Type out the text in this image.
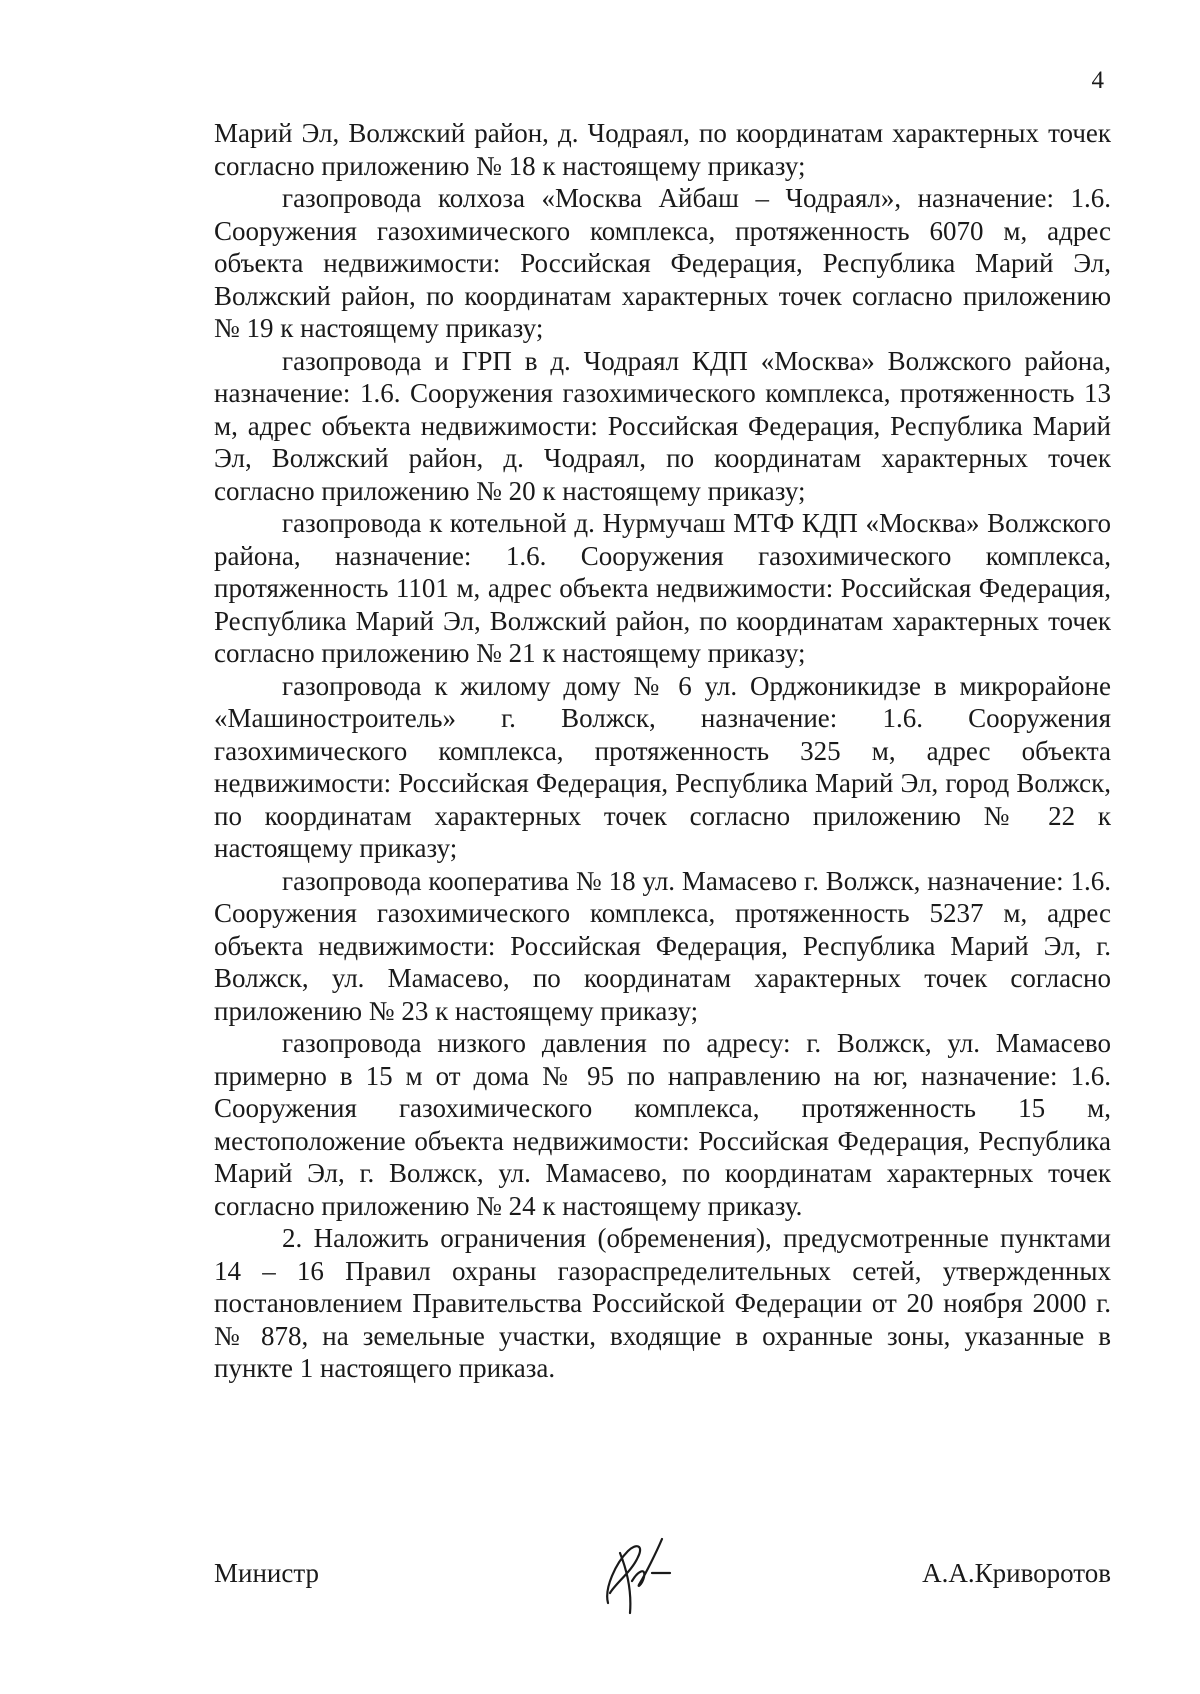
4

Марий Эл, Волжский район, д. Чодраял, по координатам характерных точек согласно приложению № 18 к настоящему приказу;

газопровода колхоза «Москва Айбаш – Чодраял», назначение: 1.6. Сооружения газохимического комплекса, протяженность 6070 м, адрес объекта недвижимости: Российская Федерация, Республика Марий Эл, Волжский район, по координатам характерных точек согласно приложению № 19 к настоящему приказу;

газопровода и ГРП в д. Чодраял КДП «Москва» Волжского района, назначение: 1.6. Сооружения газохимического комплекса, протяженность 13 м, адрес объекта недвижимости: Российская Федерация, Республика Марий Эл, Волжский район, д. Чодраял, по координатам характерных точек согласно приложению № 20 к настоящему приказу;

газопровода к котельной д. Нурмучаш МТФ КДП «Москва» Волжского района, назначение: 1.6. Сооружения газохимического комплекса, протяженность 1101 м, адрес объекта недвижимости: Российская Федерация, Республика Марий Эл, Волжский район, по координатам характерных точек согласно приложению № 21 к настоящему приказу;

газопровода к жилому дому № 6 ул. Орджоникидзе в микрорайоне «Машиностроитель» г. Волжск, назначение: 1.6. Сооружения газохимического комплекса, протяженность 325 м, адрес объекта недвижимости: Российская Федерация, Республика Марий Эл, город Волжск, по координатам характерных точек согласно приложению № 22 к настоящему приказу;

газопровода кооператива № 18 ул. Мамасево г. Волжск, назначение: 1.6. Сооружения газохимического комплекса, протяженность 5237 м, адрес объекта недвижимости: Российская Федерация, Республика Марий Эл, г. Волжск, ул. Мамасево, по координатам характерных точек согласно приложению № 23 к настоящему приказу;

газопровода низкого давления по адресу: г. Волжск, ул. Мамасево примерно в 15 м от дома № 95 по направлению на юг, назначение: 1.6. Сооружения газохимического комплекса, протяженность 15 м, местоположение объекта недвижимости: Российская Федерация, Республика Марий Эл, г. Волжск, ул. Мамасево, по координатам характерных точек согласно приложению № 24 к настоящему приказу.

2. Наложить ограничения (обременения), предусмотренные пунктами 14 – 16 Правил охраны газораспределительных сетей, утвержденных постановлением Правительства Российской Федерации от 20 ноября 2000 г. № 878, на земельные участки, входящие в охранные зоны, указанные в пункте 1 настоящего приказа.

Министр	А.А.Криворотов
